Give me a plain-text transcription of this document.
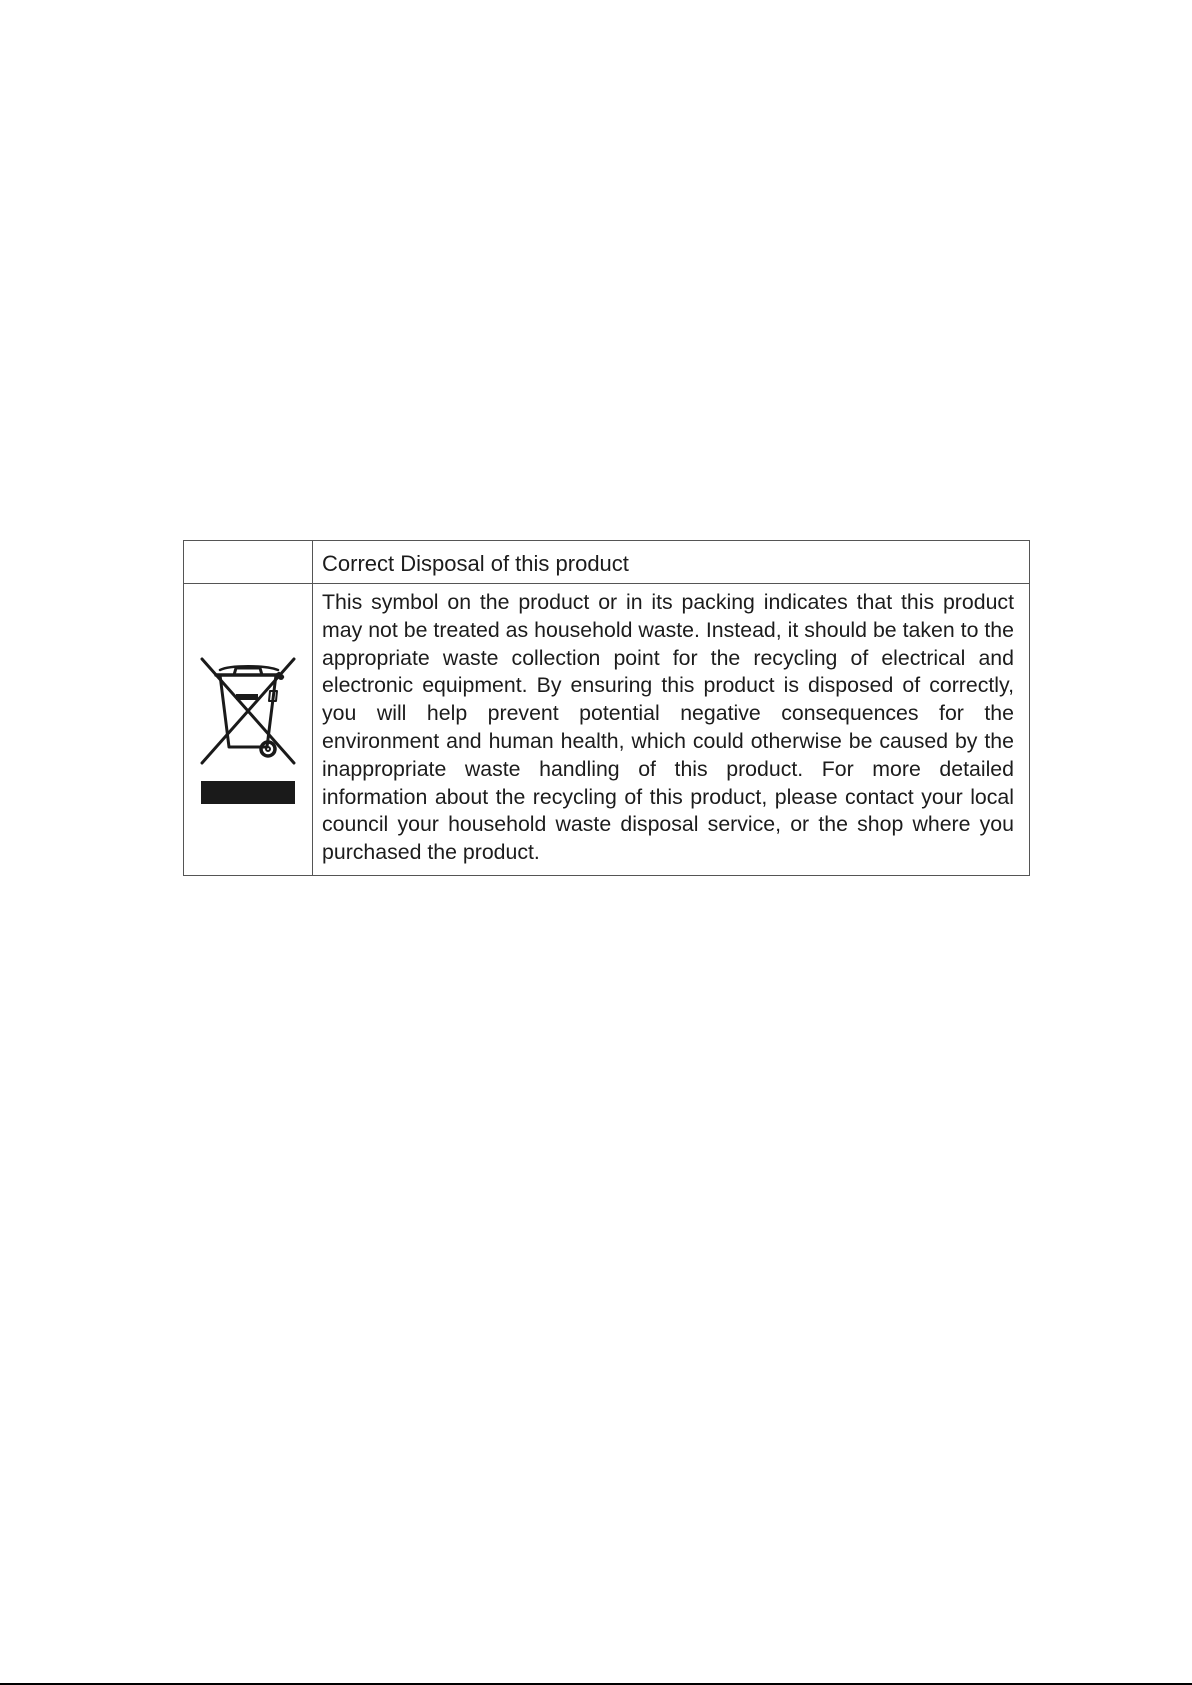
	Correct Disposal of this product

	This symbol on the product or in its packing indicates that this product may not be treated as household waste. Instead, it should be taken to the appropriate waste collection point for the recycling of electrical and electronic equipment. By ensuring this product is disposed of correctly, you will help prevent potential negative consequences for the environment and human health, which could otherwise be caused by the inappropriate waste handling of this product. For more detailed information about the recycling of this product, please contact your local council your household waste disposal service, or the shop where you purchased the product.
